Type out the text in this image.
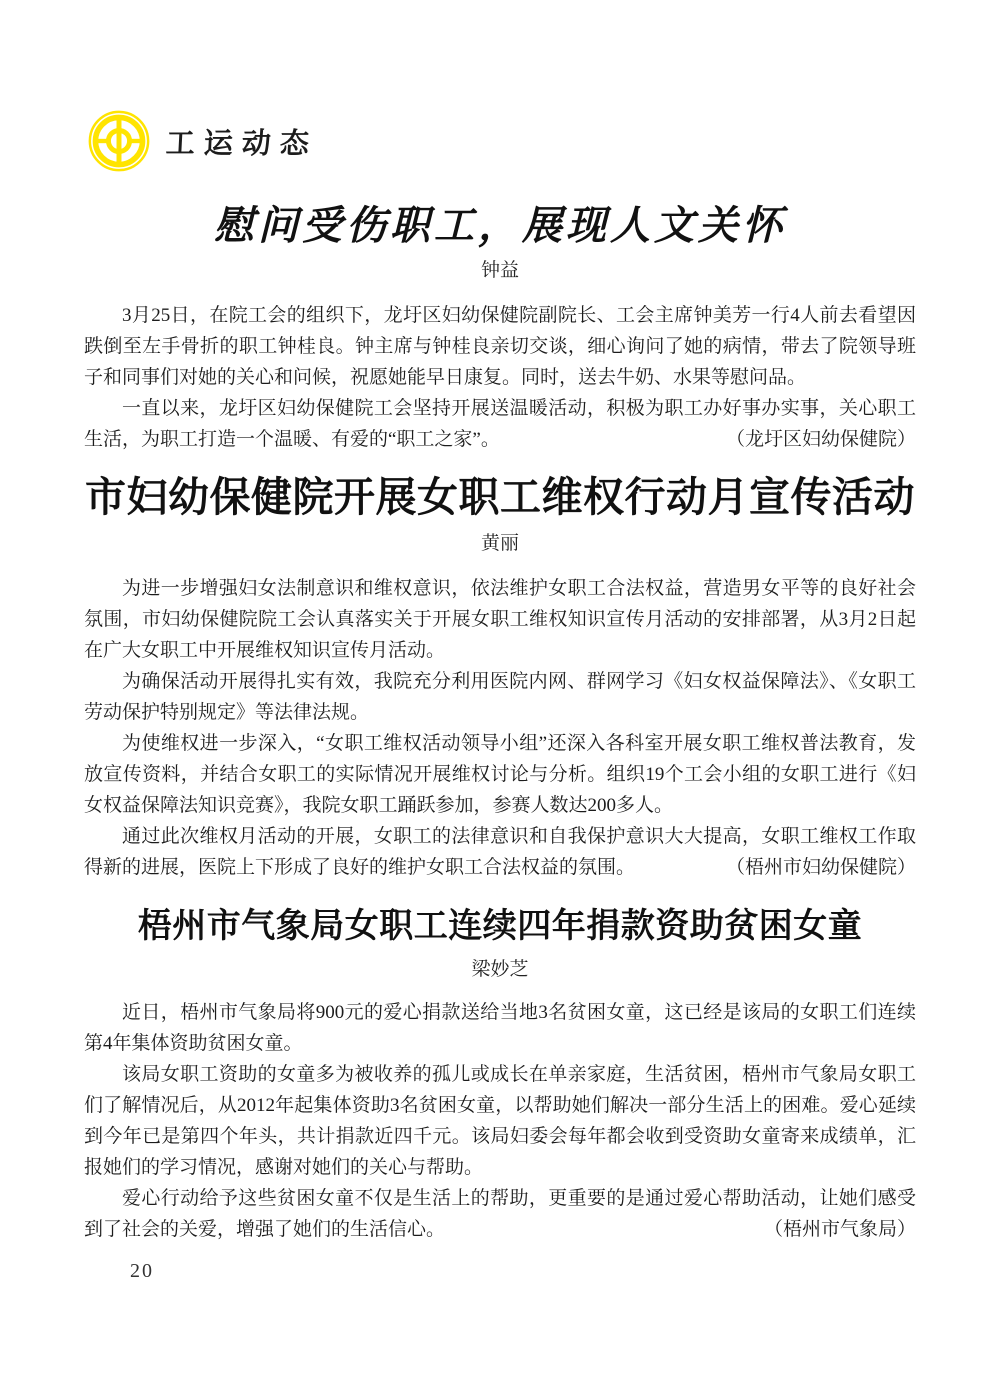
工运动态
慰问受伤职工，展现人文关怀
钟益

3月25日，在院工会的组织下，龙圩区妇幼保健院副院长、工会主席钟美芳一行4人前去看望因跌倒至左手骨折的职工钟桂良。钟主席与钟桂良亲切交谈，细心询问了她的病情，带去了院领导班子和同事们对她的关心和问候，祝愿她能早日康复。同时，送去牛奶、水果等慰问品。

一直以来，龙圩区妇幼保健院工会坚持开展送温暖活动，积极为职工办好事办实事，关心职工生活，为职工打造一个温暖、有爱的“职工之家”。	（龙圩区妇幼保健院）

市妇幼保健院开展女职工维权行动月宣传活动
黄丽

为进一步增强妇女法制意识和维权意识，依法维护女职工合法权益，营造男女平等的良好社会氛围，市妇幼保健院院工会认真落实关于开展女职工维权知识宣传月活动的安排部署，从3月2日起在广大女职工中开展维权知识宣传月活动。

为确保活动开展得扎实有效，我院充分利用医院内网、群网学习《妇女权益保障法》、《女职工劳动保护特别规定》等法律法规。

为使维权进一步深入，“女职工维权活动领导小组”还深入各科室开展女职工维权普法教育，发放宣传资料，并结合女职工的实际情况开展维权讨论与分析。组织19个工会小组的女职工进行《妇女权益保障法知识竞赛》，我院女职工踊跃参加，参赛人数达200多人。

通过此次维权月活动的开展，女职工的法律意识和自我保护意识大大提高，女职工维权工作取得新的进展，医院上下形成了良好的维护女职工合法权益的氛围。	（梧州市妇幼保健院）

梧州市气象局女职工连续四年捐款资助贫困女童
梁妙芝

近日，梧州市气象局将900元的爱心捐款送给当地3名贫困女童，这已经是该局的女职工们连续第4年集体资助贫困女童。

该局女职工资助的女童多为被收养的孤儿或成长在单亲家庭，生活贫困，梧州市气象局女职工们了解情况后，从2012年起集体资助3名贫困女童，以帮助她们解决一部分生活上的困难。爱心延续到今年已是第四个年头，共计捐款近四千元。该局妇委会每年都会收到受资助女童寄来成绩单，汇报她们的学习情况，感谢对她们的关心与帮助。

爱心行动给予这些贫困女童不仅是生活上的帮助，更重要的是通过爱心帮助活动，让她们感受到了社会的关爱，增强了她们的生活信心。	（梧州市气象局）

20
